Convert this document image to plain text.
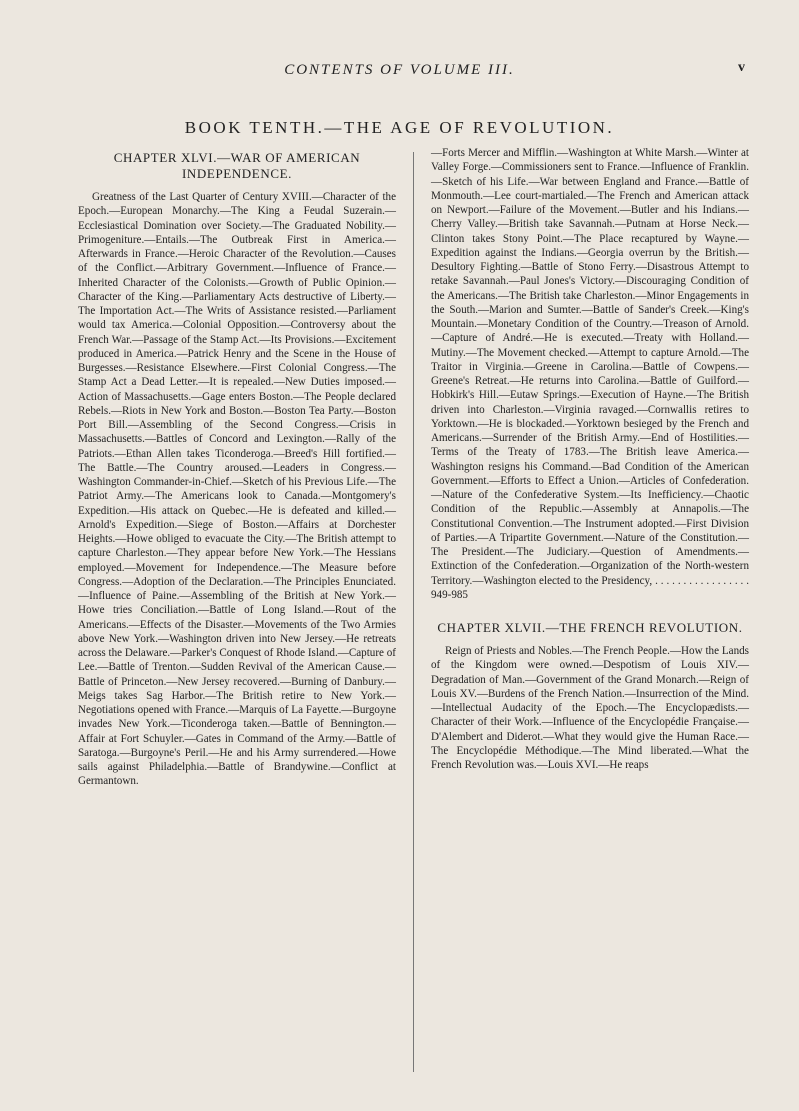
CONTENTS OF VOLUME III.	v
BOOK TENTH.—THE AGE OF REVOLUTION.
CHAPTER XLVI.—WAR OF AMERICAN INDEPENDENCE.

Greatness of the Last Quarter of Century XVIII.—Character of the Epoch.—European Monarchy.—The King a Feudal Suzerain.—Ecclesiastical Domination over Society.—The Graduated Nobility.—Primogeniture.—Entails.—The Outbreak First in America.—Afterwards in France.—Heroic Character of the Revolution.—Causes of the Conflict.—Arbitrary Government.—Influence of France.—Inherited Character of the Colonists.—Growth of Public Opinion.—Character of the King.—Parliamentary Acts destructive of Liberty.—The Importation Act.—The Writs of Assistance resisted.—Parliament would tax America.—Colonial Opposition.—Controversy about the French War.—Passage of the Stamp Act.—Its Provisions.—Excitement produced in America.—Patrick Henry and the Scene in the House of Burgesses.—Resistance Elsewhere.—First Colonial Congress.—The Stamp Act a Dead Letter.—It is repealed.—New Duties imposed.—Action of Massachusetts.—Gage enters Boston.—The People declared Rebels.—Riots in New York and Boston.—Boston Tea Party.—Boston Port Bill.—Assembling of the Second Congress.—Crisis in Massachusetts.—Battles of Concord and Lexington.—Rally of the Patriots.—Ethan Allen takes Ticonderoga.—Breed's Hill fortified.—The Battle.—The Country aroused.—Leaders in Congress.—Washington Commander-in-Chief.—Sketch of his Previous Life.—The Patriot Army.—The Americans look to Canada.—Montgomery's Expedition.—His attack on Quebec.—He is defeated and killed.—Arnold's Expedition.—Siege of Boston.—Affairs at Dorchester Heights.—Howe obliged to evacuate the City.—The British attempt to capture Charleston.—They appear before New York.—The Hessians employed.—Movement for Independence.—The Measure before Congress.—Adoption of the Declaration.—The Principles Enunciated.—Influence of Paine.—Assembling of the British at New York.—Howe tries Conciliation.—Battle of Long Island.—Rout of the Americans.—Effects of the Disaster.—Movements of the Two Armies above New York.—Washington driven into New Jersey.—He retreats across the Delaware.—Parker's Conquest of Rhode Island.—Capture of Lee.—Battle of Trenton.—Sudden Revival of the American Cause.—Battle of Princeton.—New Jersey recovered.—Burning of Danbury.—Meigs takes Sag Harbor.—The British retire to New York.—Negotiations opened with France.—Marquis of La Fayette.—Burgoyne invades New York.—Ticonderoga taken.—Battle of Bennington.—Affair at Fort Schuyler.—Gates in Command of the Army.—Battle of Saratoga.—Burgoyne's Peril.—He and his Army surrendered.—Howe sails against Philadelphia.—Battle of Brandywine.—Conflict at Germantown.

—Forts Mercer and Mifflin.—Washington at White Marsh.—Winter at Valley Forge.—Commissioners sent to France.—Influence of Franklin.—Sketch of his Life.—War between England and France.—Battle of Monmouth.—Lee court-martialed.—The French and American attack on Newport.—Failure of the Movement.—Butler and his Indians.—Cherry Valley.—British take Savannah.—Putnam at Horse Neck.—Clinton takes Stony Point.—The Place recaptured by Wayne.—Expedition against the Indians.—Georgia overrun by the British.—Desultory Fighting.—Battle of Stono Ferry.—Disastrous Attempt to retake Savannah.—Paul Jones's Victory.—Discouraging Condition of the Americans.—The British take Charleston.—Minor Engagements in the South.—Marion and Sumter.—Battle of Sander's Creek.—King's Mountain.—Monetary Condition of the Country.—Treason of Arnold.—Capture of André.—He is executed.—Treaty with Holland.—Mutiny.—The Movement checked.—Attempt to capture Arnold.—The Traitor in Virginia.—Greene in Carolina.—Battle of Cowpens.—Greene's Retreat.—He returns into Carolina.—Battle of Guilford.—Hobkirk's Hill.—Eutaw Springs.—Execution of Hayne.—The British driven into Charleston.—Virginia ravaged.—Cornwallis retires to Yorktown.—He is blockaded.—Yorktown besieged by the French and Americans.—Surrender of the British Army.—End of Hostilities.—Terms of the Treaty of 1783.—The British leave America.—Washington resigns his Command.—Bad Condition of the American Government.—Efforts to Effect a Union.—Articles of Confederation.—Nature of the Confederative System.—Its Inefficiency.—Chaotic Condition of the Republic.—Assembly at Annapolis.—The Constitutional Convention.—The Instrument adopted.—First Division of Parties.—A Tripartite Government.—Nature of the Constitution.—The President.—The Judiciary.—Question of Amendments.—Extinction of the Confederation.—Organization of the North-western Territory.—Washington elected to the Presidency, . . . . . . . . . . . . . . . . . 949-985

CHAPTER XLVII.—THE FRENCH REVOLUTION.

Reign of Priests and Nobles.—The French People.—How the Lands of the Kingdom were owned.—Despotism of Louis XIV.—Degradation of Man.—Government of the Grand Monarch.—Reign of Louis XV.—Burdens of the French Nation.—Insurrection of the Mind.—Intellectual Audacity of the Epoch.—The Encyclopædists.—Character of their Work.—Influence of the Encyclopédie Française.—D'Alembert and Diderot.—What they would give the Human Race.—The Encyclopédie Méthodique.—The Mind liberated.—What the French Revolution was.—Louis XVI.—He reaps
